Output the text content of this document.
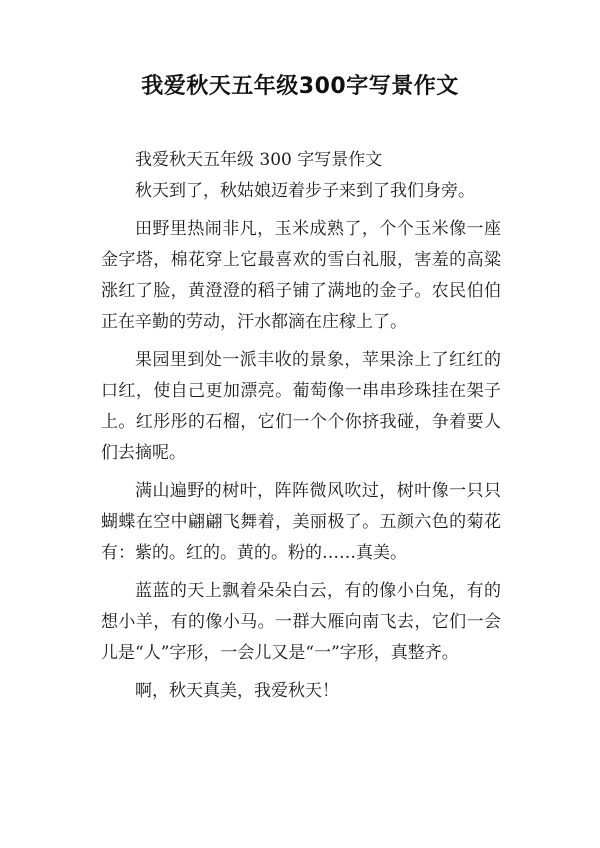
我爱秋天五年级300字写景作文

我爱秋天五年级 300 字写景作文

秋天到了，秋姑娘迈着步子来到了我们身旁。

田野里热闹非凡，玉米成熟了，个个玉米像一座金字塔，棉花穿上它最喜欢的雪白礼服，害羞的高粱涨红了脸，黄澄澄的稻子铺了满地的金子。农民伯伯正在辛勤的劳动，汗水都滴在庄稼上了。

果园里到处一派丰收的景象，苹果涂上了红红的口红，使自己更加漂亮。葡萄像一串串珍珠挂在架子上。红彤彤的石榴，它们一个个你挤我碰，争着要人们去摘呢。

满山遍野的树叶，阵阵微风吹过，树叶像一只只蝴蝶在空中翩翩飞舞着，美丽极了。五颜六色的菊花有：紫的。红的。黄的。粉的……真美。

蓝蓝的天上飘着朵朵白云，有的像小白兔，有的想小羊，有的像小马。一群大雁向南飞去，它们一会儿是“人”字形，一会儿又是“一”字形，真整齐。

啊，秋天真美，我爱秋天！
